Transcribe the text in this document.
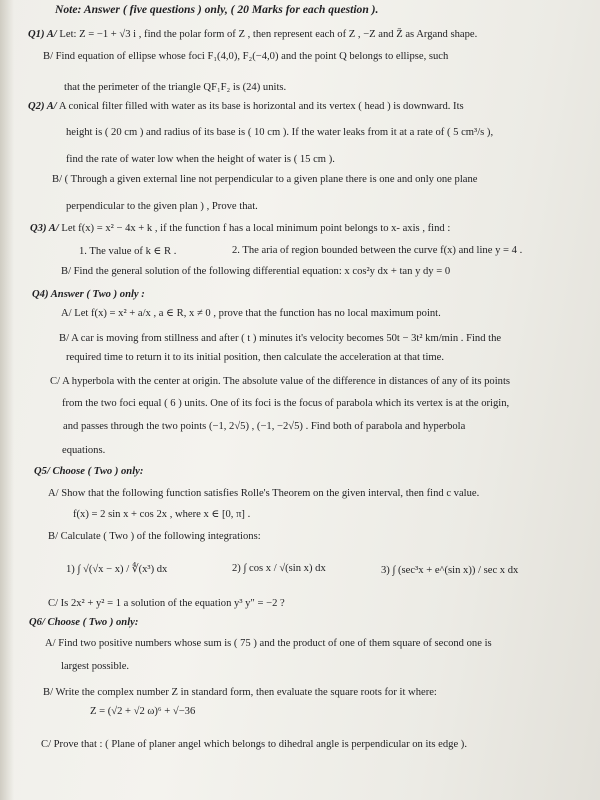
Note: Answer ( five questions ) only, ( 20 Marks for each question ).
Q1) A/ Let: Z = −1 + √3 i , find the polar form of Z , then represent each of Z , −Z and Z̄ as Argand shape.
B/ Find equation of ellipse whose foci F₁(4,0), F₂(−4,0) and the point Q belongs to ellipse, such
that the perimeter of the triangle QF₁F₂ is (24) units.
Q2) A/ A conical filter filled with water as its base is horizontal and its vertex ( head ) is downward. Its
height is ( 20 cm ) and radius of its base is ( 10 cm ). If the water leaks from it at a rate of ( 5 cm³/s ),
find the rate of water low when the height of water is ( 15 cm ).
B/ ( Through a given external line not perpendicular to a given plane there is one and only one plane
perpendicular to the given plan ) , Prove that.
Q3) A/ Let f(x) = x² − 4x + k , if the function f has a local minimum point belongs to x- axis , find :
1. The value of k ∈ R .	2. The aria of region bounded between the curve f(x) and line y = 4 .
B/ Find the general solution of the following differential equation: x cos²y dx + tan y dy = 0
Q4) Answer ( Two ) only :
A/ Let f(x) = x² + a/x , a ∈ R, x ≠ 0 , prove that the function has no local maximum point.
B/ A car is moving from stillness and after ( t ) minutes it's velocity becomes 50t − 3t² km/min . Find the
required time to return it to its initial position, then calculate the acceleration at that time.
C/ A hyperbola with the center at origin. The absolute value of the difference in distances of any of its points
from the two foci equal ( 6 ) units. One of its foci is the focus of parabola which its vertex is at the origin,
and passes through the two points (−1, 2√5) , (−1, −2√5) . Find both of parabola and hyperbola
equations.
Q5/ Choose ( Two ) only:
A/ Show that the following function satisfies Rolle's Theorem on the given interval, then find c value.
f(x) = 2 sin x + cos 2x , where x ∈ [0, π] .
B/ Calculate ( Two ) of the following integrations:
1) ∫ √(√x − x) / ∜(x³) dx	2) ∫ cos x / √(sin x) dx	3) ∫ (sec³x + e^(sin x)) / sec x dx
C/ Is 2x² + y² = 1 a solution of the equation y³ y″ = −2 ?
Q6/ Choose ( Two ) only:
A/ Find two positive numbers whose sum is ( 75 ) and the product of one of them square of second one is
largest possible.
B/ Write the complex number Z in standard form, then evaluate the square roots for it where:
Z = (√2 + √2 ω)⁶ + √−36
C/ Prove that : ( Plane of planer angel which belongs to dihedral angle is perpendicular on its edge ).
